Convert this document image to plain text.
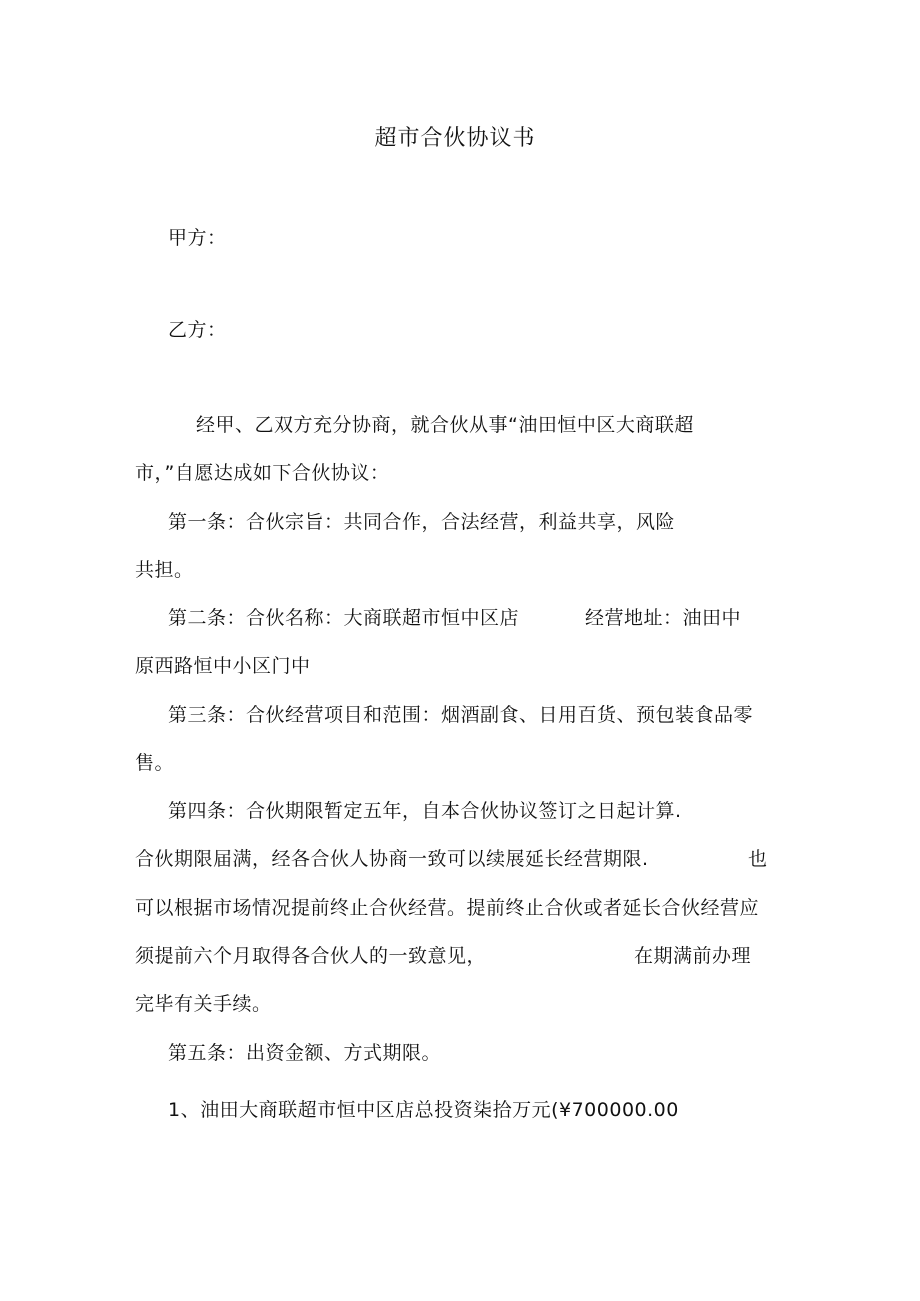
超市合伙协议书
甲方：
乙方：
经甲、乙双方充分协商，就合伙从事“油田恒中区大商联超
市，”自愿达成如下合伙协议：
第一条：合伙宗旨：共同合作，合法经营，利益共享，风险
共担。
第二条：合伙名称：大商联超市恒中区店	经营地址：油田中
原西路恒中小区门中
第三条：合伙经营项目和范围：烟酒副食、日用百货、预包装食品零
售。
第四条：合伙期限暂定五年，自本合伙协议签订之日起计算.
合伙期限届满，经各合伙人协商一致可以续展延长经营期限.	也
可以根据市场情况提前终止合伙经营。提前终止合伙或者延长合伙经营应
须提前六个月取得各合伙人的一致意见，	在期满前办理
完毕有关手续。
第五条：出资金额、方式期限。
1、油田大商联超市恒中区店总投资柒拾万元(¥700000.00
